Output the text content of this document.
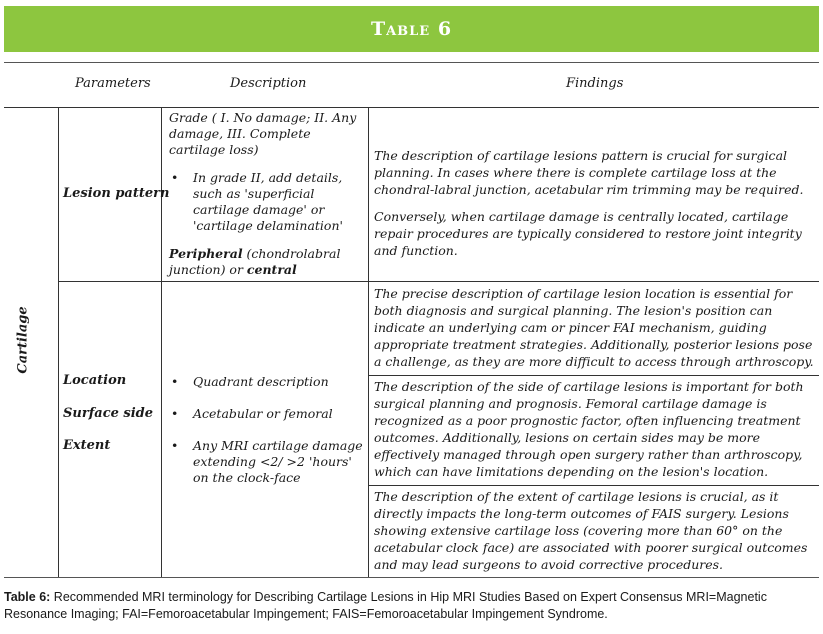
Table 6
Parameters	Description	Findings
Cartilage
Lesion pattern
Grade ( I. No damage; II. Any damage, III. Complete cartilage loss)
• In grade II, add details, such as 'superficial cartilage damage' or 'cartilage delamination'
Peripheral (chondrolabral junction) or central
The description of cartilage lesions pattern is crucial for surgical planning. In cases where there is complete cartilage loss at the chondral-labral junction, acetabular rim trimming may be required.
Conversely, when cartilage damage is centrally located, cartilage repair procedures are typically considered to restore joint integrity and function.
Location
Surface side
Extent
• Quadrant description
• Acetabular or femoral
• Any MRI cartilage damage extending <2/ >2 'hours' on the clock-face
The precise description of cartilage lesion location is essential for both diagnosis and surgical planning. The lesion's position can indicate an underlying cam or pincer FAI mechanism, guiding appropriate treatment strategies. Additionally, posterior lesions pose a challenge, as they are more difficult to access through arthroscopy.
The description of the side of cartilage lesions is important for both surgical planning and prognosis. Femoral cartilage damage is recognized as a poor prognostic factor, often influencing treatment outcomes. Additionally, lesions on certain sides may be more effectively managed through open surgery rather than arthroscopy, which can have limitations depending on the lesion's location.
The description of the extent of cartilage lesions is crucial, as it directly impacts the long-term outcomes of FAIS surgery. Lesions showing extensive cartilage loss (covering more than 60° on the acetabular clock face) are associated with poorer surgical outcomes and may lead surgeons to avoid corrective procedures.
Table 6: Recommended MRI terminology for Describing Cartilage Lesions in Hip MRI Studies Based on Expert Consensus MRI=Magnetic Resonance Imaging; FAI=Femoroacetabular Impingement; FAIS=Femoroacetabular Impingement Syndrome.
